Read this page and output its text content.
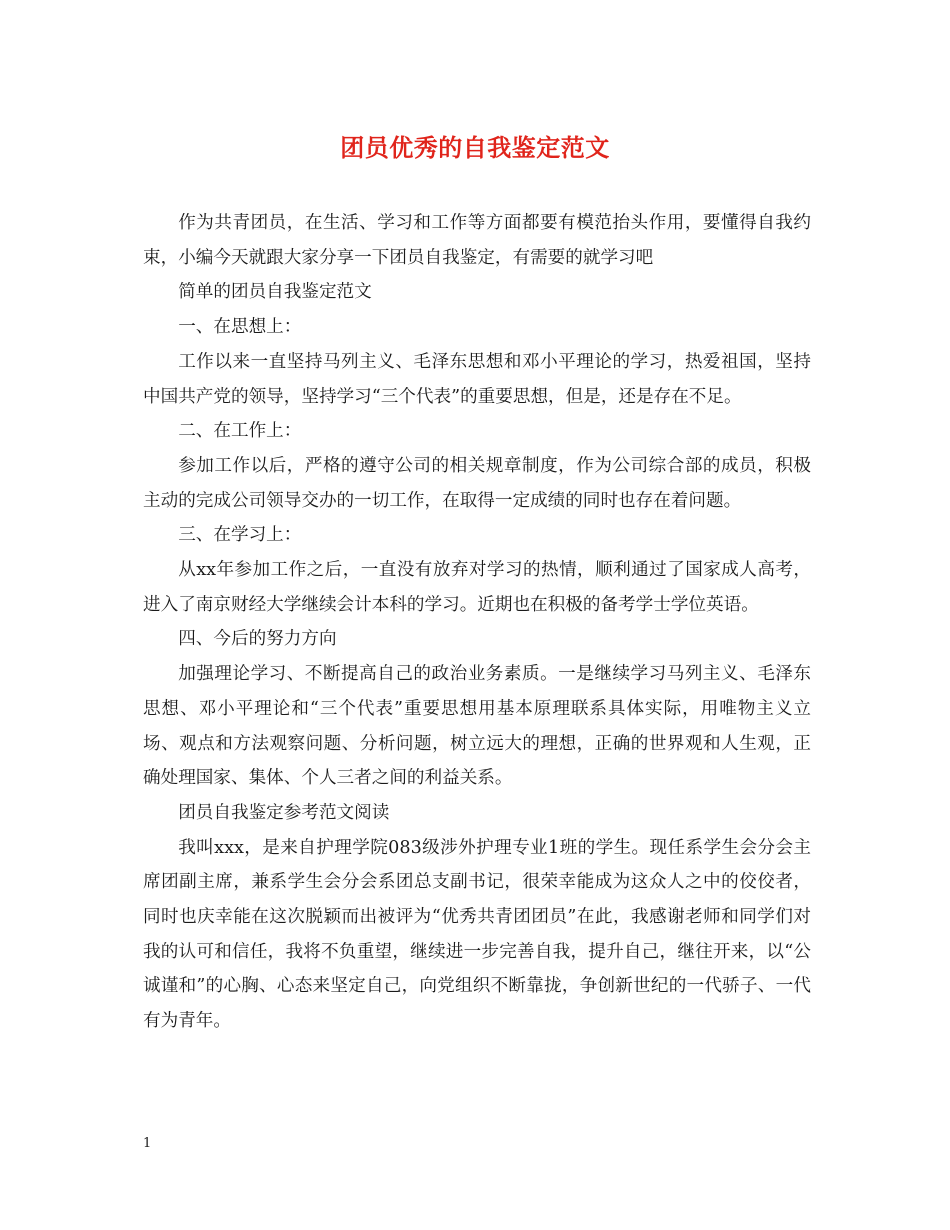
团员优秀的自我鉴定范文

作为共青团员，在生活、学习和工作等方面都要有模范抬头作用，要懂得自我约束，小编今天就跟大家分享一下团员自我鉴定，有需要的就学习吧

简单的团员自我鉴定范文

一、在思想上：

工作以来一直坚持马列主义、毛泽东思想和邓小平理论的学习，热爱祖国，坚持中国共产党的领导，坚持学习“三个代表”的重要思想，但是，还是存在不足。

二、在工作上：

参加工作以后，严格的遵守公司的相关规章制度，作为公司综合部的成员，积极主动的完成公司领导交办的一切工作，在取得一定成绩的同时也存在着问题。

三、在学习上：

从xx年参加工作之后，一直没有放弃对学习的热情，顺利通过了国家成人高考，进入了南京财经大学继续会计本科的学习。近期也在积极的备考学士学位英语。

四、今后的努力方向

加强理论学习、不断提高自己的政治业务素质。一是继续学习马列主义、毛泽东思想、邓小平理论和“三个代表”重要思想用基本原理联系具体实际，用唯物主义立场、观点和方法观察问题、分析问题，树立远大的理想，正确的世界观和人生观，正确处理国家、集体、个人三者之间的利益关系。

团员自我鉴定参考范文阅读

我叫xxx，是来自护理学院083级涉外护理专业1班的学生。现任系学生会分会主席团副主席，兼系学生会分会系团总支副书记，很荣幸能成为这众人之中的佼佼者，同时也庆幸能在这次脱颖而出被评为“优秀共青团团员”在此，我感谢老师和同学们对我的认可和信任，我将不负重望，继续进一步完善自我，提升自己，继往开来，以“公诚谨和”的心胸、心态来坚定自己，向党组织不断靠拢，争创新世纪的一代骄子、一代有为青年。

1
